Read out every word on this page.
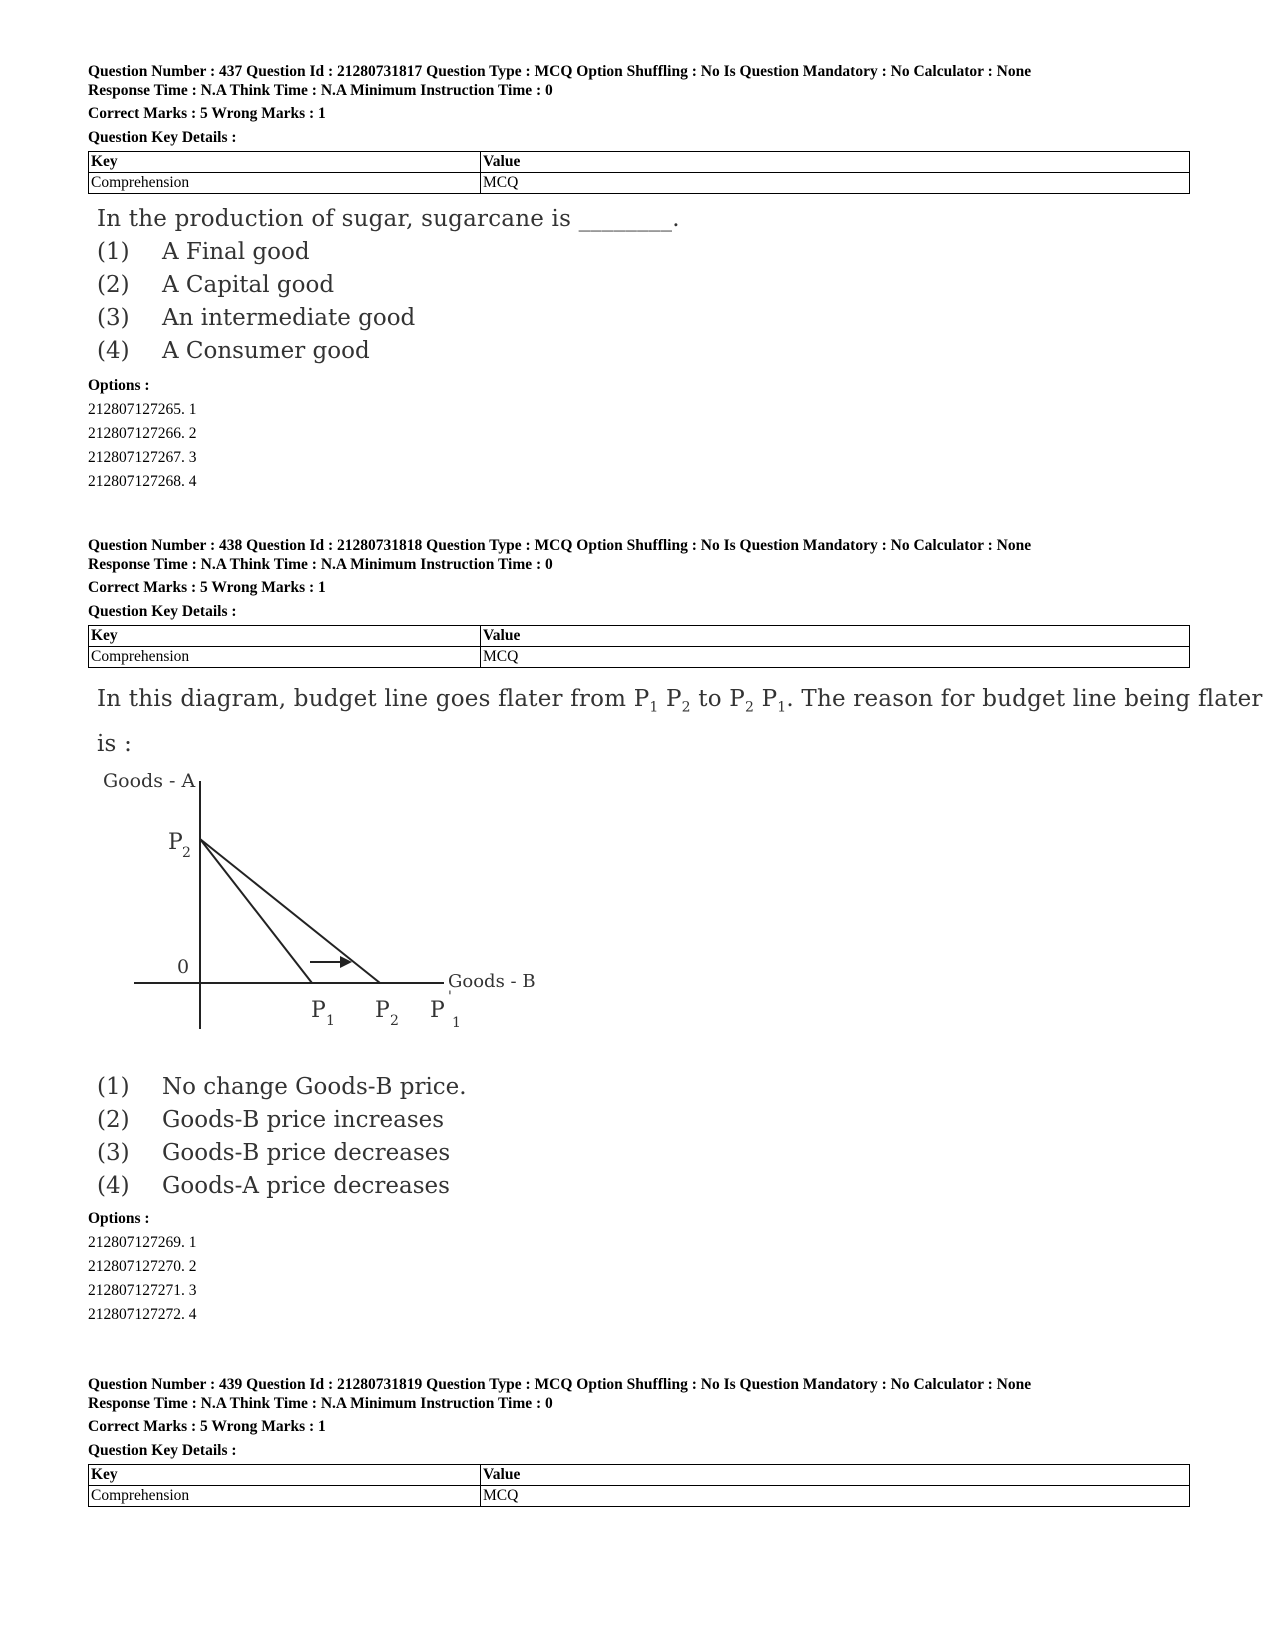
Question Number : 437 Question Id : 21280731817 Question Type : MCQ Option Shuffling : No Is Question Mandatory : No Calculator : None
Response Time : N.A Think Time : N.A Minimum Instruction Time : 0
Correct Marks : 5 Wrong Marks : 1
Question Key Details :
Key	Value
Comprehension	MCQ
In the production of sugar, sugarcane is ________.
(1)	A Final good
(2)	A Capital good
(3)	An intermediate good
(4)	A Consumer good
Options :
212807127265. 1
212807127266. 2
212807127267. 3
212807127268. 4
Question Number : 438 Question Id : 21280731818 Question Type : MCQ Option Shuffling : No Is Question Mandatory : No Calculator : None
Response Time : N.A Think Time : N.A Minimum Instruction Time : 0
Correct Marks : 5 Wrong Marks : 1
Question Key Details :
Key	Value
Comprehension	MCQ
In this diagram, budget line goes flater from $P_1$ $P_2$ to $P_2$ $P_1$. The reason for budget line being flater
is :
Goods - A
Goods - B
0
P 2
P 1 P 2 P
'
1
(1)	No change Goods-B price.
(2)	Goods-B price increases
(3)	Goods-B price decreases
(4)	Goods-A price decreases
Options :
212807127269. 1
212807127270. 2
212807127271. 3
212807127272. 4
Question Number : 439 Question Id : 21280731819 Question Type : MCQ Option Shuffling : No Is Question Mandatory : No Calculator : None
Response Time : N.A Think Time : N.A Minimum Instruction Time : 0
Correct Marks : 5 Wrong Marks : 1
Question Key Details :
Key	Value
Comprehension	MCQ
